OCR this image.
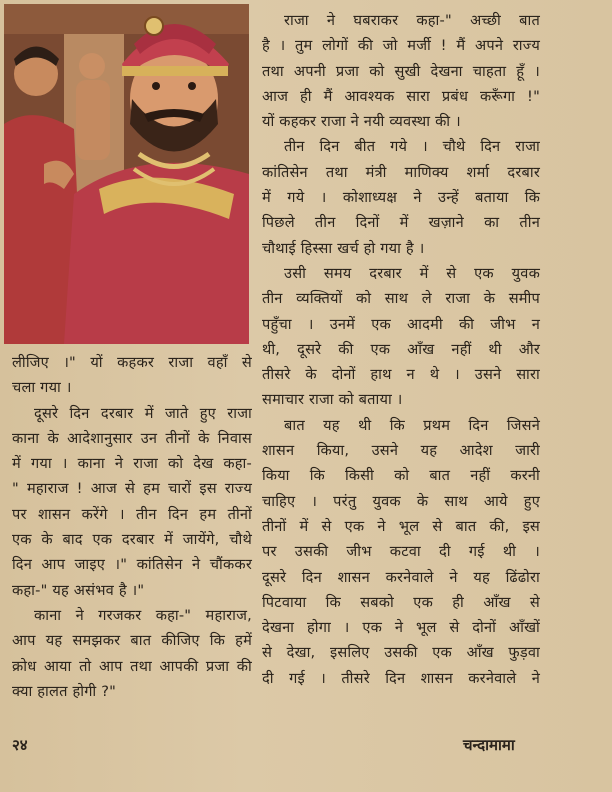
राजा ने घबराकर कहा-" अच्छी बात

है । तुम लोगों की जो मर्जी ! मैं अपने राज्य

तथा अपनी प्रजा को सुखी देखना चाहता हूँ ।

आज ही मैं आवश्यक सारा प्रबंध करूँगा !"

यों कहकर राजा ने नयी व्यवस्था की ।

तीन दिन बीत गये । चौथे दिन राजा

कांतिसेन तथा मंत्री माणिक्य शर्मा दरबार

में गये । कोशाध्यक्ष ने उन्हें बताया कि

पिछले तीन दिनों में खज़ाने का तीन

चौथाई हिस्सा खर्च हो गया है ।

उसी समय दरबार में से एक युवक

तीन व्यक्तियों को साथ ले राजा के समीप

पहुँचा । उनमें एक आदमी की जीभ न

थी, दूसरे की एक आँख नहीं थी और

तीसरे के दोनों हाथ न थे । उसने सारा

समाचार राजा को बताया ।

बात यह थी कि प्रथम दिन जिसने

शासन किया, उसने यह आदेश जारी

किया कि किसी को बात नहीं करनी

चाहिए । परंतु युवक के साथ आये हुए

तीनों में से एक ने भूल से बात की, इस

पर उसकी जीभ कटवा दी गई थी ।

दूसरे दिन शासन करनेवाले ने यह ढिंढोरा

पिटवाया कि सबको एक ही आँख से

देखना होगा । एक ने भूल से दोनों आँखों

से देखा, इसलिए उसकी एक आँख फुड़वा

दी गई । तीसरे दिन शासन करनेवाले ने

लीजिए ।" यों कहकर राजा वहाँ से

चला गया ।

दूसरे दिन दरबार में जाते हुए राजा

काना के आदेशानुसार उन तीनों के निवास

में गया । काना ने राजा को देख कहा-

" महाराज ! आज से हम चारों इस राज्य

पर शासन करेंगे । तीन दिन हम तीनों

एक के बाद एक दरबार में जायेंगे, चौथे

दिन आप जाइए ।" कांतिसेन ने चौंककर

कहा-" यह असंभव है ।"

काना ने गरजकर कहा-" महाराज,

आप यह समझकर बात कीजिए कि हमें

क्रोध आया तो आप तथा आपकी प्रजा की

क्या हालत होगी ?"

२४	चन्दामामा
